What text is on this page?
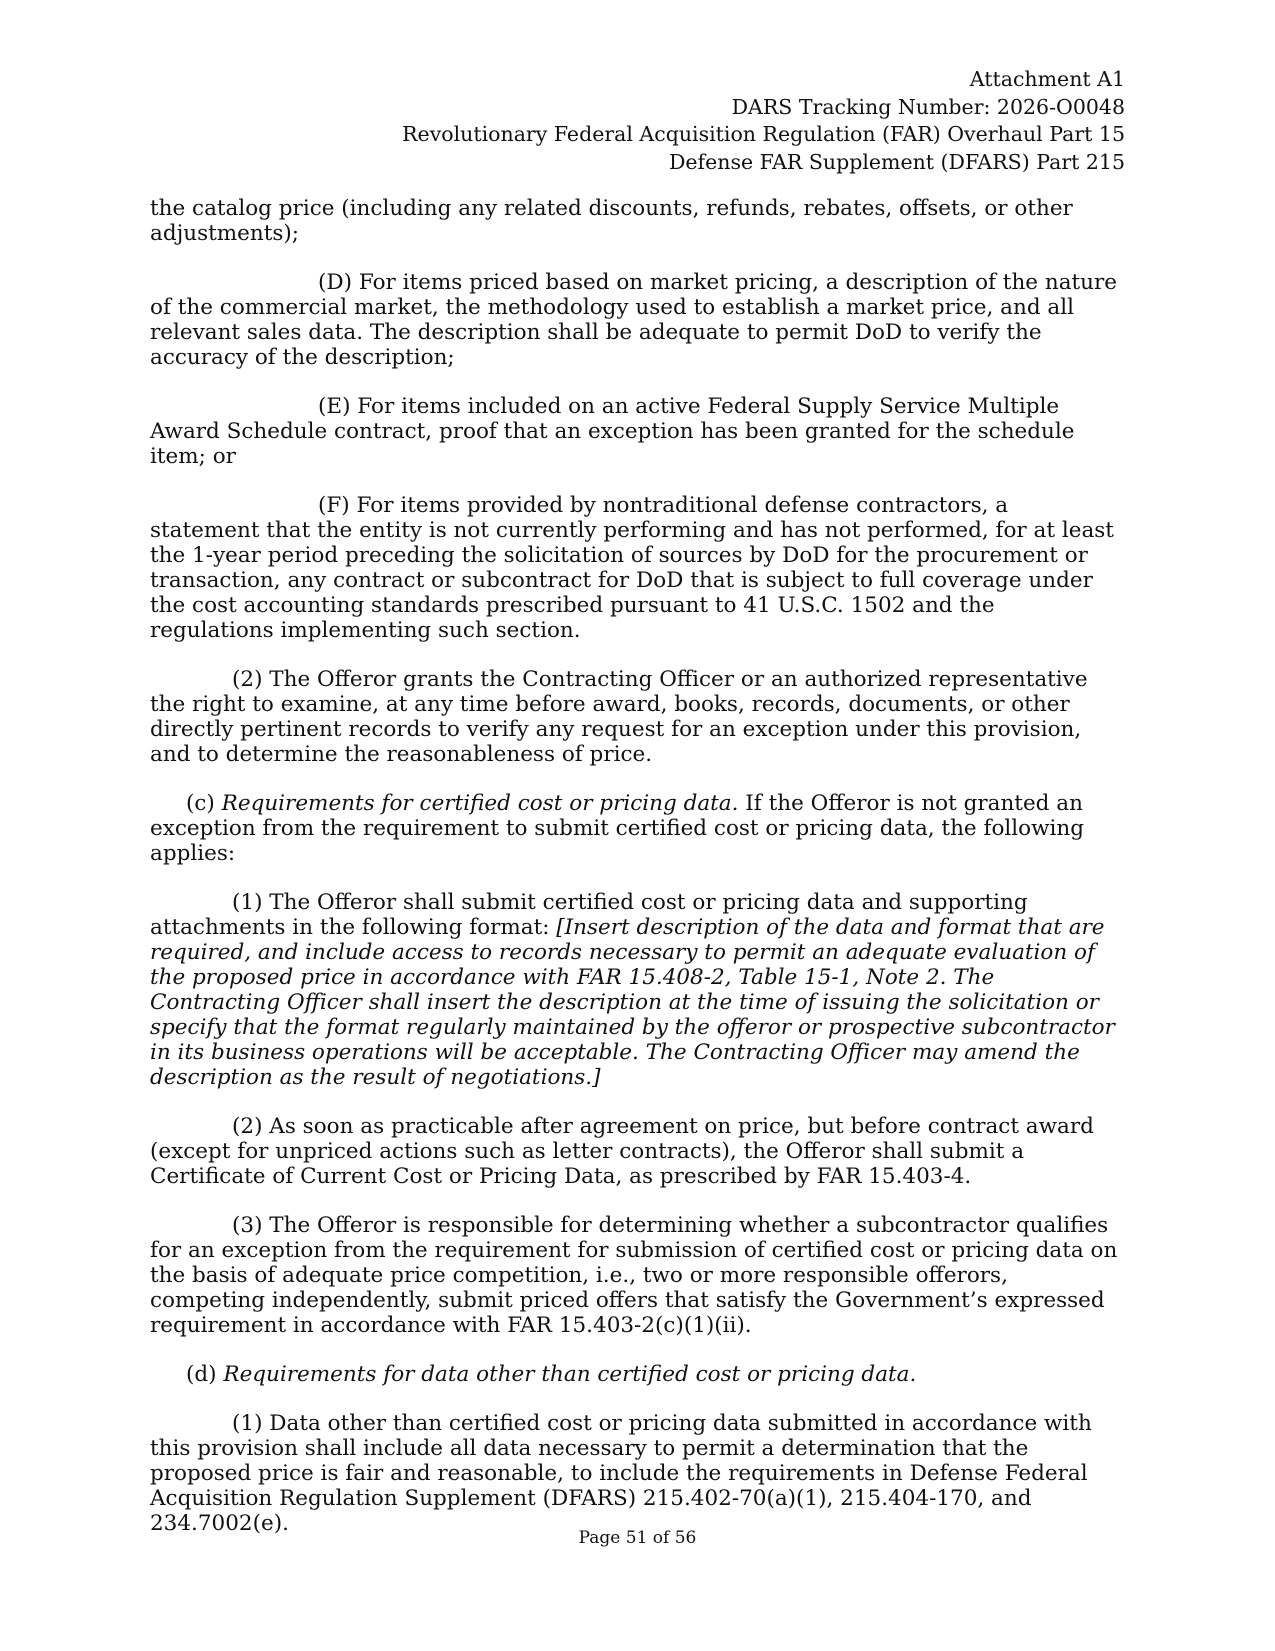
Attachment A1
DARS Tracking Number: 2026-O0048
Revolutionary Federal Acquisition Regulation (FAR) Overhaul Part 15
Defense FAR Supplement (DFARS) Part 215

the catalog price (including any related discounts, refunds, rebates, offsets, or other adjustments);

(D) For items priced based on market pricing, a description of the nature of the commercial market, the methodology used to establish a market price, and all relevant sales data. The description shall be adequate to permit DoD to verify the accuracy of the description;

(E) For items included on an active Federal Supply Service Multiple Award Schedule contract, proof that an exception has been granted for the schedule item; or

(F) For items provided by nontraditional defense contractors, a statement that the entity is not currently performing and has not performed, for at least the 1-year period preceding the solicitation of sources by DoD for the procurement or transaction, any contract or subcontract for DoD that is subject to full coverage under the cost accounting standards prescribed pursuant to 41 U.S.C. 1502 and the regulations implementing such section.

(2) The Offeror grants the Contracting Officer or an authorized representative the right to examine, at any time before award, books, records, documents, or other directly pertinent records to verify any request for an exception under this provision, and to determine the reasonableness of price.

(c) Requirements for certified cost or pricing data. If the Offeror is not granted an exception from the requirement to submit certified cost or pricing data, the following applies:

(1) The Offeror shall submit certified cost or pricing data and supporting attachments in the following format: [Insert description of the data and format that are required, and include access to records necessary to permit an adequate evaluation of the proposed price in accordance with FAR 15.408-2, Table 15-1, Note 2. The Contracting Officer shall insert the description at the time of issuing the solicitation or specify that the format regularly maintained by the offeror or prospective subcontractor in its business operations will be acceptable. The Contracting Officer may amend the description as the result of negotiations.]

(2) As soon as practicable after agreement on price, but before contract award (except for unpriced actions such as letter contracts), the Offeror shall submit a Certificate of Current Cost or Pricing Data, as prescribed by FAR 15.403-4.

(3) The Offeror is responsible for determining whether a subcontractor qualifies for an exception from the requirement for submission of certified cost or pricing data on the basis of adequate price competition, i.e., two or more responsible offerors, competing independently, submit priced offers that satisfy the Government’s expressed requirement in accordance with FAR 15.403-2(c)(1)(ii).

(d) Requirements for data other than certified cost or pricing data.

(1) Data other than certified cost or pricing data submitted in accordance with this provision shall include all data necessary to permit a determination that the proposed price is fair and reasonable, to include the requirements in Defense Federal Acquisition Regulation Supplement (DFARS) 215.402-70(a)(1), 215.404-170, and 234.7002(e).

Page 51 of 56
